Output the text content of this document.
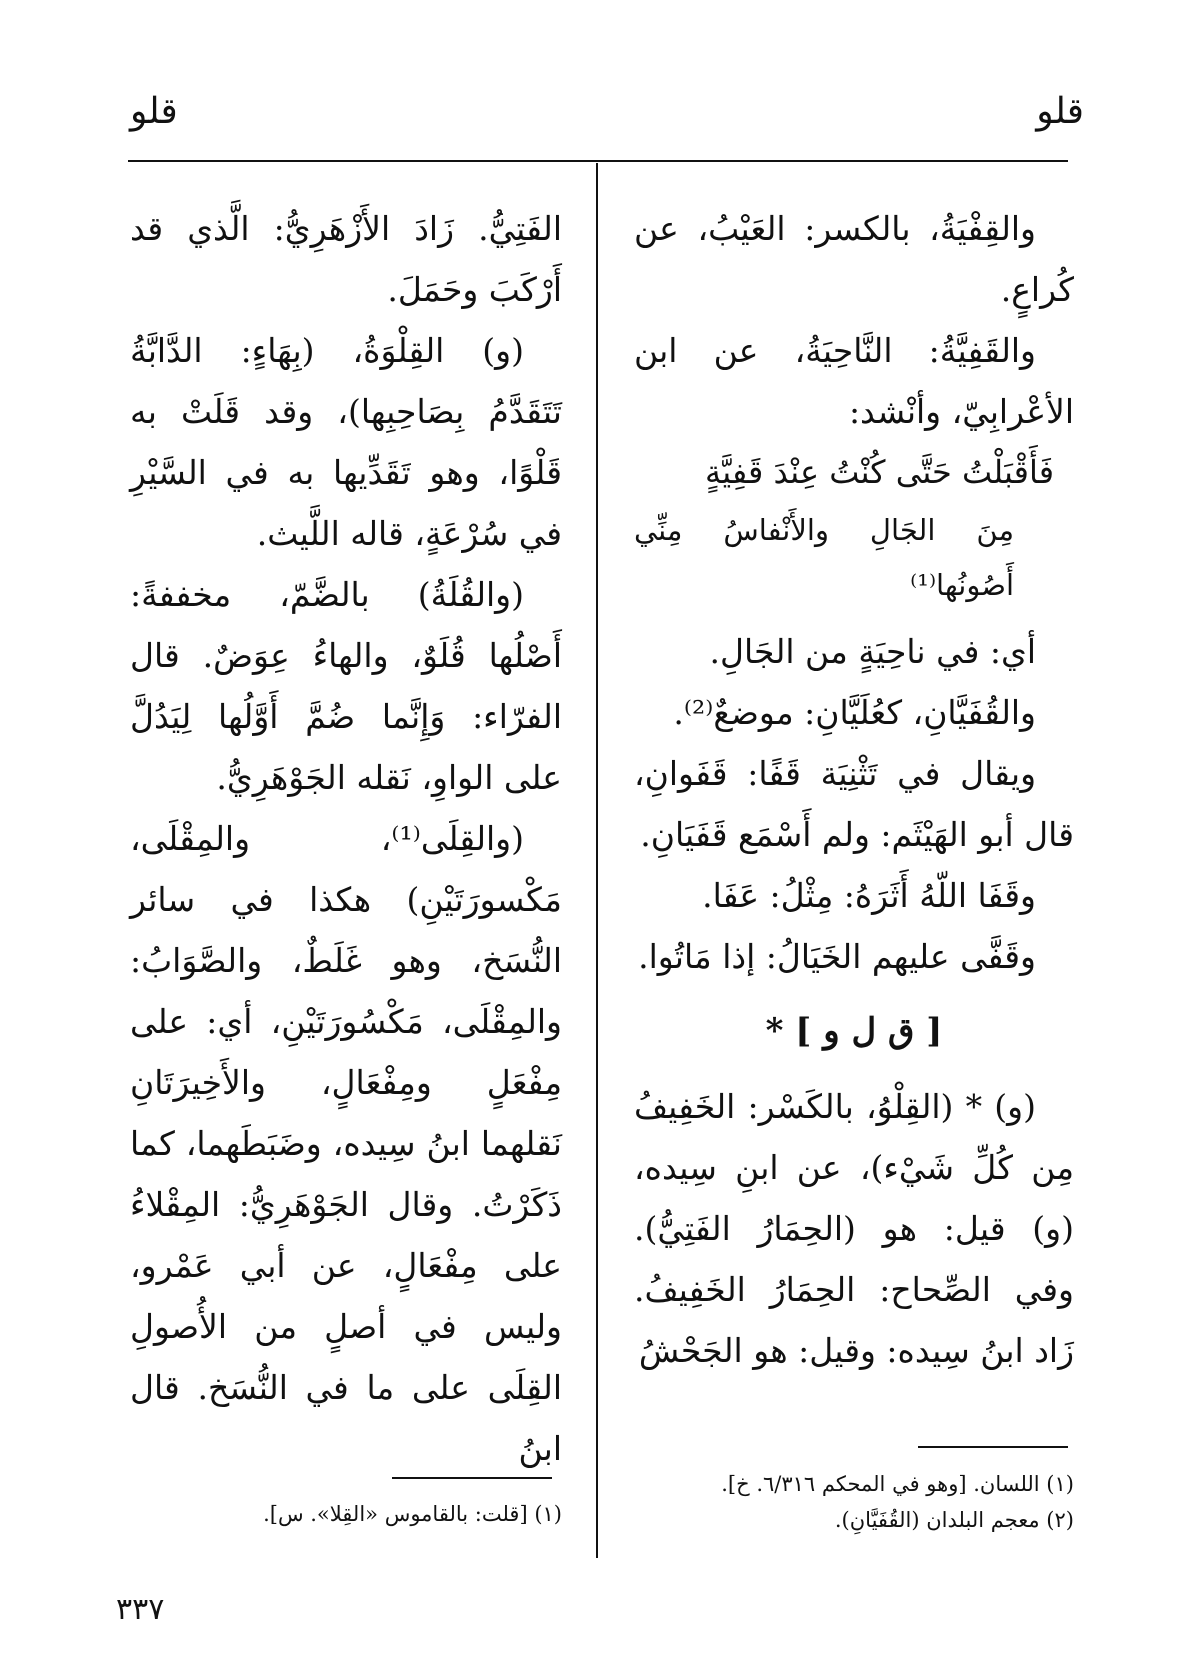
قلو
قلو

والقِفْيَةُ، بالكسر: العَيْبُ، عن كُراعٍ.

والقَفِيَّةُ: النَّاحِيَةُ، عن ابن الأعْرابِيّ، وأنْشد:

فَأَقْبَلْتُ حَتَّى كُنْتُ عِنْدَ قَفِيَّةٍ

مِنَ الجَالِ والأَنْفاسُ مِنِّي أَصُونُها⁽¹⁾

أي: في ناحِيَةٍ من الجَالِ.

والقُفَيَّانِ، كعُلَيَّانِ: موضعٌ⁽²⁾.

ويقال في تَثْنِيَة قَفًا: قَفَوانِ، قال أبو الهَيْثَم: ولم أَسْمَع قَفَيَانِ.

وقَفَا اللّهُ أَثَرَهُ: مِثْلُ: عَفَا.

وقَفَّى عليهم الخَيَالُ: إذا مَاتُوا.

[ ق ل و ] *

(و) * (القِلْوُ، بالكَسْر: الخَفِيفُ مِن كُلِّ شَيْء)، عن ابنِ سِيده، (و) قيل: هو (الحِمَارُ الفَتِيُّ). وفي الصِّحاح: الحِمَارُ الخَفِيفُ. زَاد ابنُ سِيده: وقيل: هو الجَحْشُ

الفَتِيُّ. زَادَ الأَزْهَرِيُّ: الَّذي قد أَرْكَبَ وحَمَلَ.

(و) القِلْوَةُ، (بِهَاءٍ: الدَّابَّةُ تَتَقَدَّمُ بِصَاحِبِها)، وقد قَلَتْ به قَلْوًا، وهو تَقَدِّيها به في السَّيْرِ في سُرْعَةٍ، قاله اللَّيث.

(والقُلَةُ) بالضَّمّ، مخففةً: أَصْلُها قُلَوٌ، والهاءُ عِوَضٌ. قال الفرّاء: وَإِنَّما ضُمَّ أَوَّلُها لِيَدُلَّ على الواوِ، نَقله الجَوْهَرِيُّ.

(والقِلَى⁽¹⁾، والمِقْلَى، مَكْسورَتَيْنِ) هكذا في سائر النُّسَخ، وهو غَلَطٌ، والصَّوَابُ: والمِقْلَى، مَكْسُورَتَيْنِ، أي: على مِفْعَلٍ ومِفْعَالٍ، والأَخِيرَتَانِ نَقلهما ابنُ سِيده، وضَبَطَهما، كما ذَكَرْتُ. وقال الجَوْهَرِيُّ: المِقْلاءُ على مِفْعَالٍ، عن أبي عَمْرو، وليس في أصلٍ من الأُصولِ القِلَى على ما في النُّسَخ. قال ابنُ

(١) اللسان. [وهو في المحكم ٦/٣١٦. خ].
(٢) معجم البلدان (القُفَيَّانِ).
(١) [قلت: بالقاموس «القِلا». س].
٣٣٧
